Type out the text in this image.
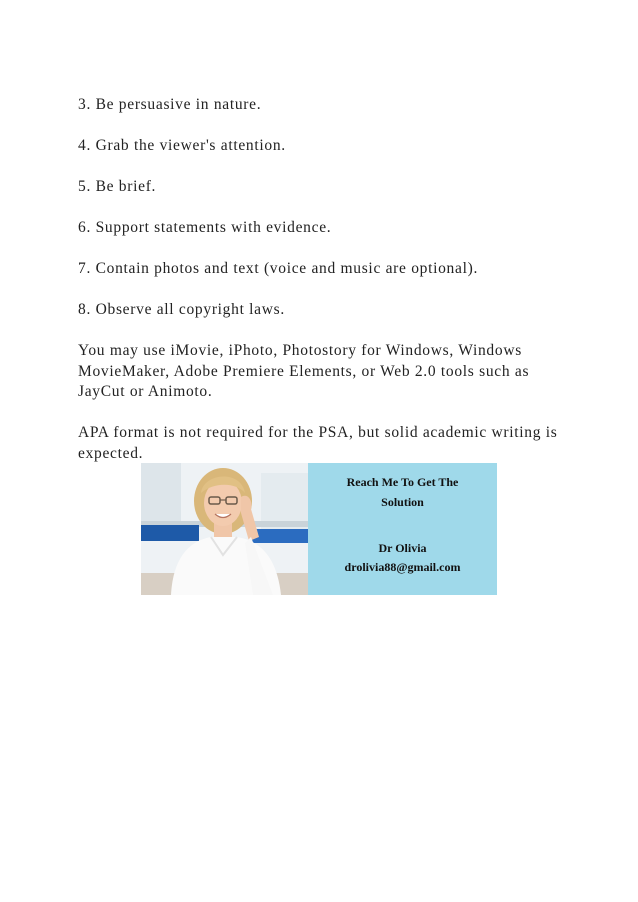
3. Be persuasive in nature.

4. Grab the viewer's attention.

5. Be brief.

6. Support statements with evidence.

7. Contain photos and text (voice and music are optional).

8. Observe all copyright laws.

You may use iMovie, iPhoto, Photostory for Windows, Windows MovieMaker, Adobe Premiere Elements, or Web 2.0 tools such as JayCut or Animoto.

APA format is not required for the PSA, but solid academic writing is expected.

Reach Me To Get The
Solution
Dr Olivia
drolivia88@gmail.com
